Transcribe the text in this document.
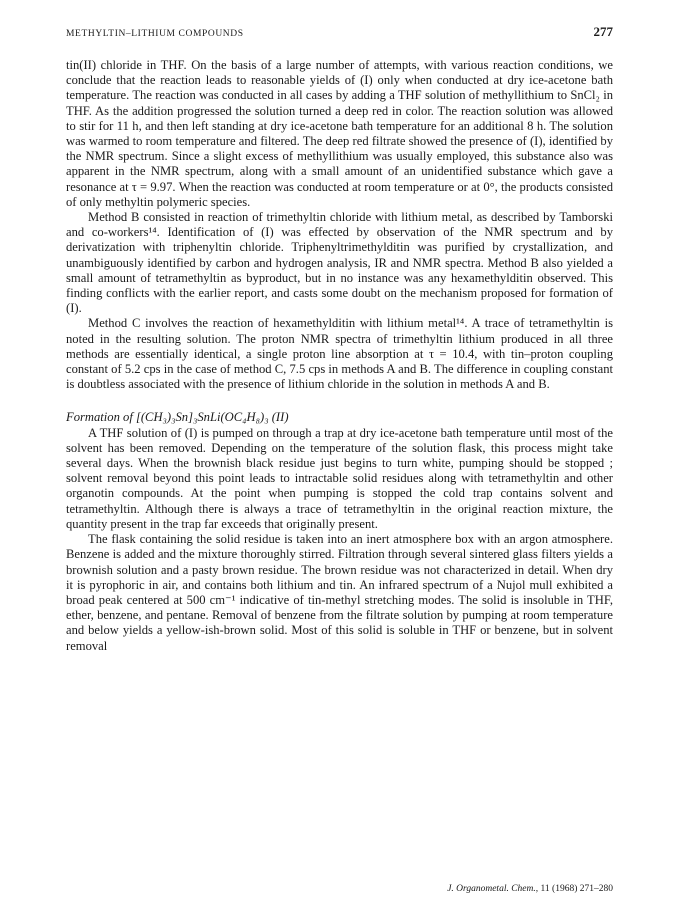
METHYLTIN–LITHIUM COMPOUNDS	277

tin(II) chloride in THF. On the basis of a large number of attempts, with various reaction conditions, we conclude that the reaction leads to reasonable yields of (I) only when conducted at dry ice-acetone bath temperature. The reaction was conducted in all cases by adding a THF solution of methyllithium to SnCl₂ in THF. As the addition progressed the solution turned a deep red in color. The reaction solution was allowed to stir for 11 h, and then left standing at dry ice-acetone bath temperature for an additional 8 h. The solution was warmed to room temperature and filtered. The deep red filtrate showed the presence of (I), identified by the NMR spectrum. Since a slight excess of methyllithium was usually employed, this substance also was apparent in the NMR spectrum, along with a small amount of an unidentified substance which gave a resonance at τ = 9.97. When the reaction was conducted at room temperature or at 0°, the products consisted of only methyltin polymeric species.

Method B consisted in reaction of trimethyltin chloride with lithium metal, as described by Tamborski and co-workers¹⁴. Identification of (I) was effected by observation of the NMR spectrum and by derivatization with triphenyltin chloride. Triphenyltrimethylditin was purified by crystallization, and unambiguously identified by carbon and hydrogen analysis, IR and NMR spectra. Method B also yielded a small amount of tetramethyltin as byproduct, but in no instance was any hexamethylditin observed. This finding conflicts with the earlier report, and casts some doubt on the mechanism proposed for formation of (I).

Method C involves the reaction of hexamethylditin with lithium metal¹⁴. A trace of tetramethyltin is noted in the resulting solution. The proton NMR spectra of trimethyltin lithium produced in all three methods are essentially identical, a single proton line absorption at τ = 10.4, with tin–proton coupling constant of 5.2 cps in the case of method C, 7.5 cps in methods A and B. The difference in coupling constant is doubtless associated with the presence of lithium chloride in the solution in methods A and B.

Formation of [(CH₃)₃Sn]₃SnLi(OC₄H₈)₃ (II)

A THF solution of (I) is pumped on through a trap at dry ice-acetone bath temperature until most of the solvent has been removed. Depending on the temperature of the solution flask, this process might take several days. When the brownish black residue just begins to turn white, pumping should be stopped ; solvent removal beyond this point leads to intractable solid residues along with tetramethyltin and other organotin compounds. At the point when pumping is stopped the cold trap contains solvent and tetramethyltin. Although there is always a trace of tetramethyltin in the original reaction mixture, the quantity present in the trap far exceeds that originally present.

The flask containing the solid residue is taken into an inert atmosphere box with an argon atmosphere. Benzene is added and the mixture thoroughly stirred. Filtration through several sintered glass filters yields a brownish solution and a pasty brown residue. The brown residue was not characterized in detail. When dry it is pyrophoric in air, and contains both lithium and tin. An infrared spectrum of a Nujol mull exhibited a broad peak centered at 500 cm⁻¹ indicative of tin-methyl stretching modes. The solid is insoluble in THF, ether, benzene, and pentane. Removal of benzene from the filtrate solution by pumping at room temperature and below yields a yellow-ish-brown solid. Most of this solid is soluble in THF or benzene, but in solvent removal

J. Organometal. Chem., 11 (1968) 271–280
